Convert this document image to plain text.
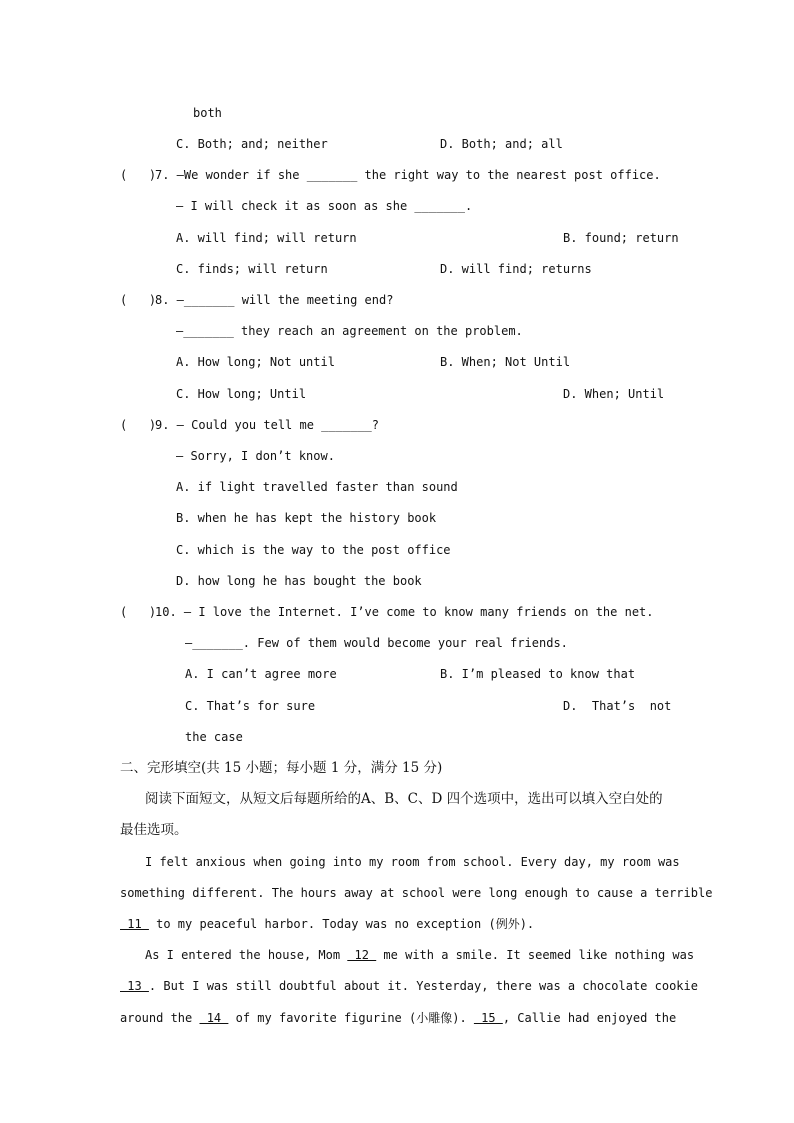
both
C. Both; and; neither	D. Both; and; all
(   )
7. —We wonder if she _______ the right way to the nearest post office.
— I will check it as soon as she _______.
A. will find; will return	B. found; return
C. finds; will return	D. will find; returns
(   )
8. —_______ will the meeting end?
—_______ they reach an agreement on the problem.
A. How long; Not until	B. When; Not Until
C. How long; Until	D. When; Until
(   )
9. — Could you tell me _______?
— Sorry, I don’t know.
A. if light travelled faster than sound
B. when he has kept the history book
C. which is the way to the post office
D. how long he has bought the book
(   )
10. — I love the Internet. I’ve come to know many friends on the net.
—_______. Few of them would become your real friends.
A. I can’t agree more	B. I’m pleased to know that
C. That’s for sure	D.  That’s  not
the case
二、完形填空(共 15 小题；每小题 1 分，满分 15 分)
阅读下面短文，从短文后每题所给的A、B、C、D 四个选项中，选出可以填入空白处的
最佳选项。
I felt anxious when going into my room from school. Every day, my room was
something different. The hours away at school were long enough to cause a terrible
11  to my peaceful harbor. Today was no exception (例外).
As I entered the house, Mom  12  me with a smile. It seemed like nothing was
13 . But I was still doubtful about it. Yesterday, there was a chocolate cookie
around the  14  of my favorite figurine (小雕像).  15 , Callie had enjoyed the
